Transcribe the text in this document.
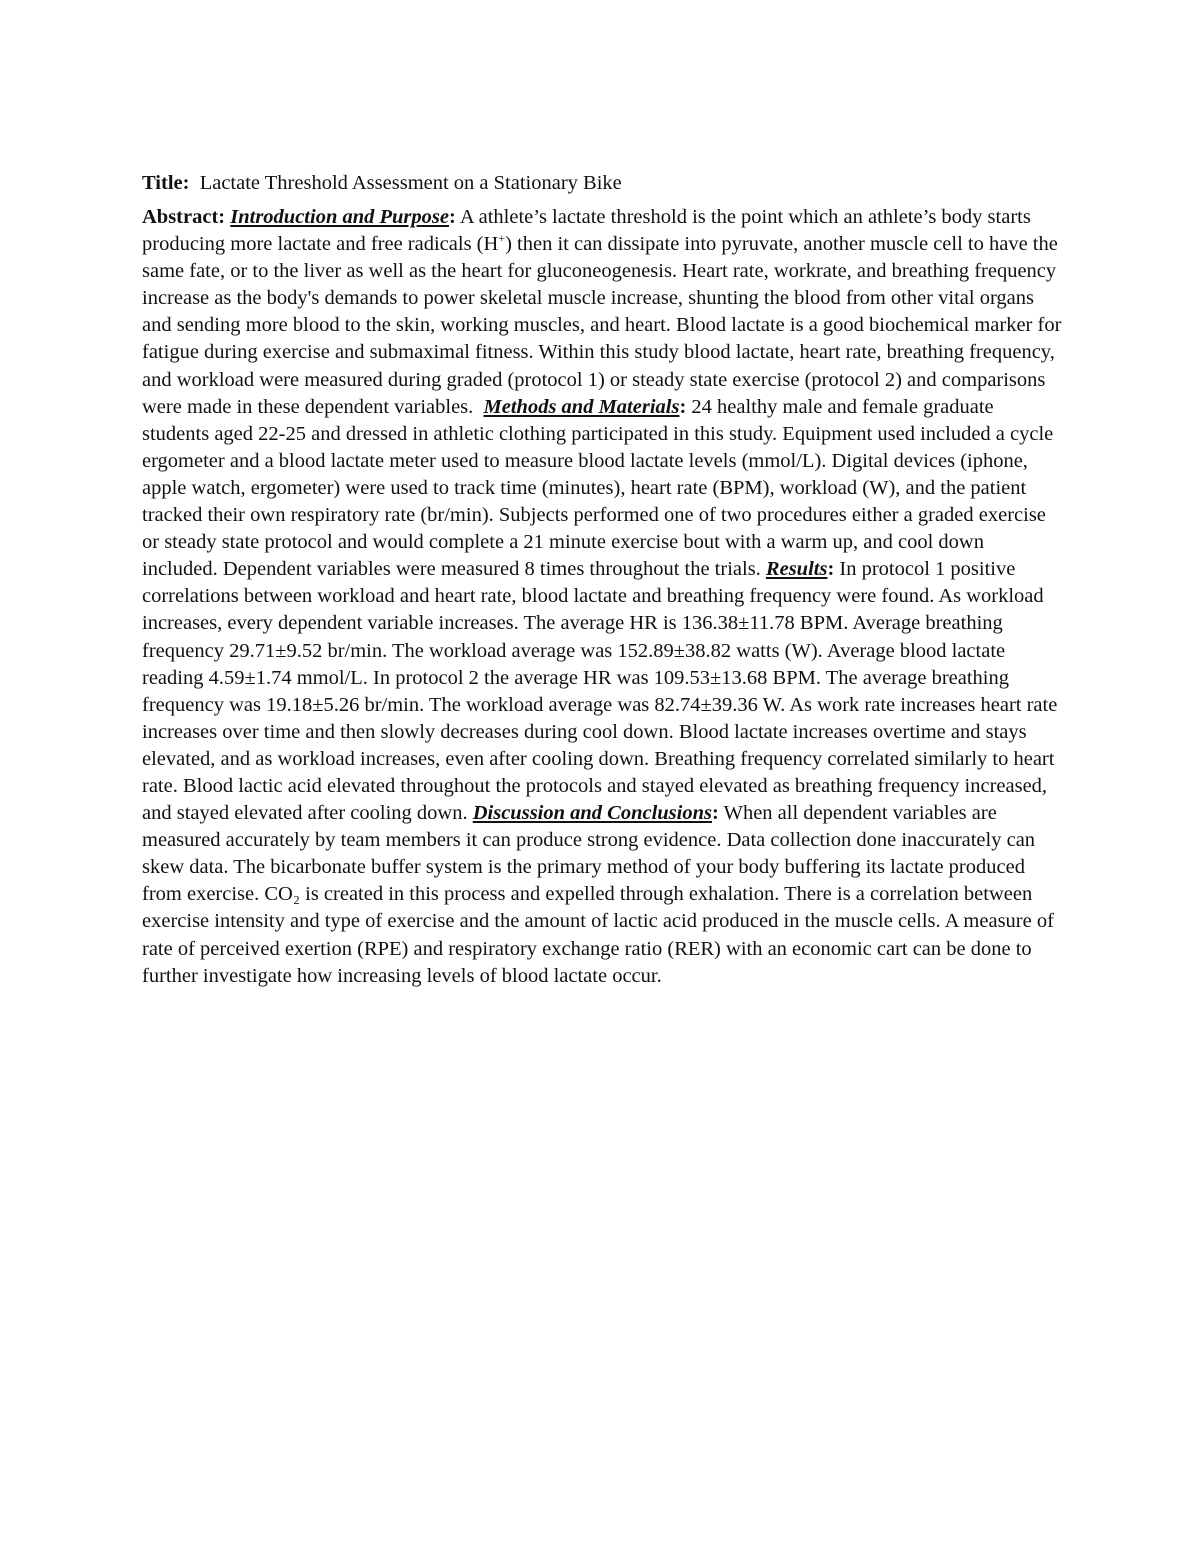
Title: Lactate Threshold Assessment on a Stationary Bike

Abstract: Introduction and Purpose: A athlete’s lactate threshold is the point which an athlete’s body starts producing more lactate and free radicals (H+) then it can dissipate into pyruvate, another muscle cell to have the same fate, or to the liver as well as the heart for gluconeogenesis. Heart rate, workrate, and breathing frequency increase as the body's demands to power skeletal muscle increase, shunting the blood from other vital organs and sending more blood to the skin, working muscles, and heart. Blood lactate is a good biochemical marker for fatigue during exercise and submaximal fitness. Within this study blood lactate, heart rate, breathing frequency, and workload were measured during graded (protocol 1) or steady state exercise (protocol 2) and comparisons were made in these dependent variables. Methods and Materials: 24 healthy male and female graduate students aged 22-25 and dressed in athletic clothing participated in this study. Equipment used included a cycle ergometer and a blood lactate meter used to measure blood lactate levels (mmol/L). Digital devices (iphone, apple watch, ergometer) were used to track time (minutes), heart rate (BPM), workload (W), and the patient tracked their own respiratory rate (br/min). Subjects performed one of two procedures either a graded exercise or steady state protocol and would complete a 21 minute exercise bout with a warm up, and cool down included. Dependent variables were measured 8 times throughout the trials. Results: In protocol 1 positive correlations between workload and heart rate, blood lactate and breathing frequency were found. As workload increases, every dependent variable increases. The average HR is 136.38±11.78 BPM. Average breathing frequency 29.71±9.52 br/min. The workload average was 152.89±38.82 watts (W). Average blood lactate reading 4.59±1.74 mmol/L. In protocol 2 the average HR was 109.53±13.68 BPM. The average breathing frequency was 19.18±5.26 br/min. The workload average was 82.74±39.36 W. As work rate increases heart rate increases over time and then slowly decreases during cool down. Blood lactate increases overtime and stays elevated, and as workload increases, even after cooling down. Breathing frequency correlated similarly to heart rate. Blood lactic acid elevated throughout the protocols and stayed elevated as breathing frequency increased, and stayed elevated after cooling down. Discussion and Conclusions: When all dependent variables are measured accurately by team members it can produce strong evidence. Data collection done inaccurately can skew data. The bicarbonate buffer system is the primary method of your body buffering its lactate produced from exercise. CO₂ is created in this process and expelled through exhalation. There is a correlation between exercise intensity and type of exercise and the amount of lactic acid produced in the muscle cells. A measure of rate of perceived exertion (RPE) and respiratory exchange ratio (RER) with an economic cart can be done to further investigate how increasing levels of blood lactate occur.
